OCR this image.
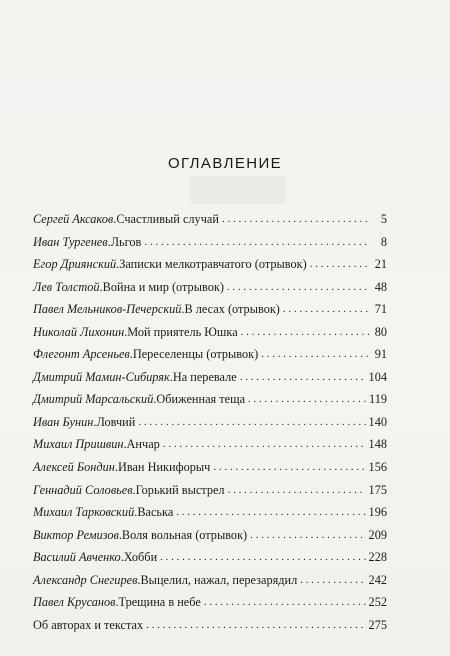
ОГЛАВЛЕНИЕ
Сергей Аксаков . Счастливый случай . . .	5
Иван Тургенев . Льгов . . .	8
Егор Дриянский . Записки мелкотравчатого (отрывок) . . .	21
Лев Толстой . Война и мир (отрывок) . . .	48
Павел Мельников-Печерский . В лесах (отрывок) . . .	71
Николай Лихонин . Мой приятель Юшка . . .	80
Флегонт Арсеньев . Переселенцы (отрывок) . . .	91
Дмитрий Мамин-Сибиряк . На перевале . . .	104
Дмитрий Марсальский . Обиженная теща . . .	119
Иван Бунин . Ловчий . . .	140
Михаил Пришвин . Анчар . . .	148
Алексей Бондин . Иван Никифорыч . . .	156
Геннадий Соловьев . Горький выстрел . . .	175
Михаил Тарковский . Васька . . .	196
Виктор Ремизов . Воля вольная (отрывок) . . .	209
Василий Авченко . Хобби . . .	228
Александр Снегирев . Выцелил, нажал, перезарядил . . .	242
Павел Крусанов . Трещина в небе . . .	252
Об авторах и текстах . . .	275
